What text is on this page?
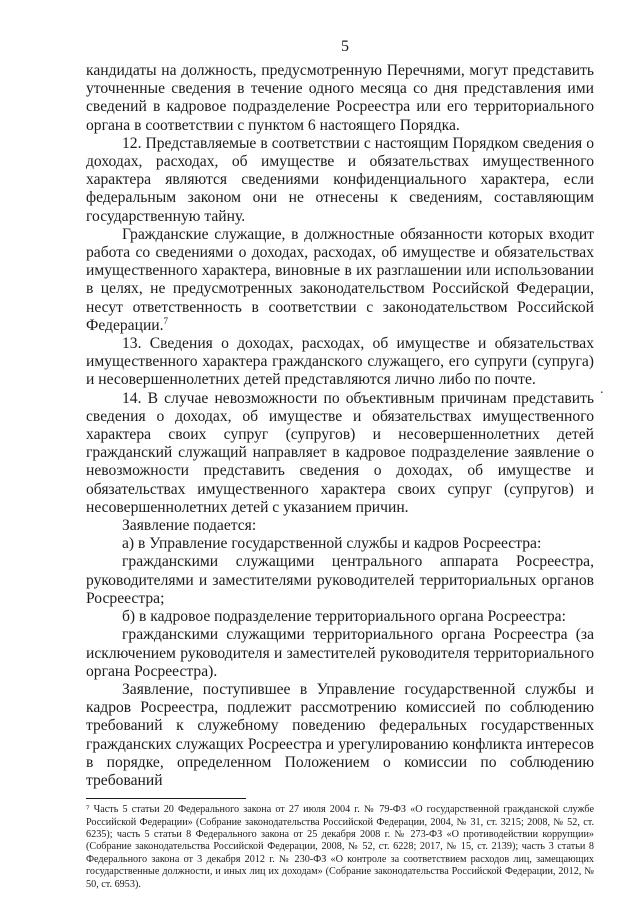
5

кандидаты на должность, предусмотренную Перечнями, могут представить уточненные сведения в течение одного месяца со дня представления ими сведений в кадровое подразделение Росреестра или его территориального органа в соответствии с пунктом 6 настоящего Порядка.

12. Представляемые в соответствии с настоящим Порядком сведения о доходах, расходах, об имуществе и обязательствах имущественного характера являются сведениями конфиденциального характера, если федеральным законом они не отнесены к сведениям, составляющим государственную тайну.

Гражданские служащие, в должностные обязанности которых входит работа со сведениями о доходах, расходах, об имуществе и обязательствах имущественного характера, виновные в их разглашении или использовании в целях, не предусмотренных законодательством Российской Федерации, несут ответственность в соответствии с законодательством Российской Федерации.$^7$

13. Сведения о доходах, расходах, об имуществе и обязательствах имущественного характера гражданского служащего, его супруги (супруга) и несовершеннолетних детей представляются лично либо по почте.

14. В случае невозможности по объективным причинам представить сведения о доходах, об имуществе и обязательствах имущественного характера своих супруг (супругов) и несовершеннолетних детей гражданский служащий направляет в кадровое подразделение заявление о невозможности представить сведения о доходах, об имуществе и обязательствах имущественного характера своих супруг (супругов) и несовершеннолетних детей с указанием причин.

Заявление подается:

а) в Управление государственной службы и кадров Росреестра:

гражданскими служащими центрального аппарата Росреестра, руководителями и заместителями руководителей территориальных органов Росреестра;

б) в кадровое подразделение территориального органа Росреестра:

гражданскими служащими территориального органа Росреестра (за исключением руководителя и заместителей руководителя территориального органа Росреестра).

Заявление, поступившее в Управление государственной службы и кадров Росреестра, подлежит рассмотрению комиссией по соблюдению требований к служебному поведению федеральных государственных гражданских служащих Росреестра и урегулированию конфликта интересов в порядке, определенном Положением о комиссии по соблюдению требований

⁷ Часть 5 статьи 20 Федерального закона от 27 июля 2004 г. № 79-ФЗ «О государственной гражданской службе Российской Федерации» (Собрание законодательства Российской Федерации, 2004, № 31, ст. 3215; 2008, № 52, ст. 6235); часть 5 статьи 8 Федерального закона от 25 декабря 2008 г. № 273-ФЗ «О противодействии коррупции» (Собрание законодательства Российской Федерации, 2008, № 52, ст. 6228; 2017, № 15, ст. 2139); часть 3 статьи 8 Федерального закона от 3 декабря 2012 г. № 230-ФЗ «О контроле за соответствием расходов лиц, замещающих государственные должности, и иных лиц их доходам» (Собрание законодательства Российской Федерации, 2012, № 50, ст. 6953).

.
